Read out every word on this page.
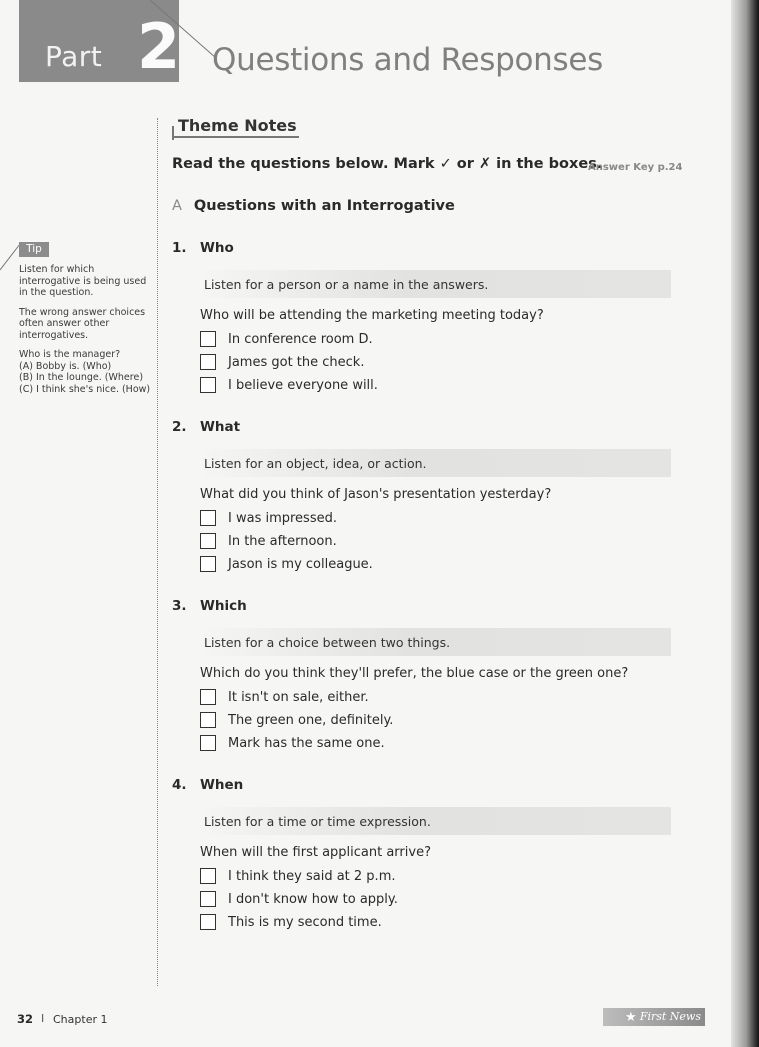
Part 2 Questions and Responses
Theme Notes
Read the questions below. Mark ✓ or ✗ in the boxes.
Answer Key p.24
A Questions with an Interrogative
Tip

Listen for which interrogative is being used in the question.

The wrong answer choices often answer other interrogatives.

Who is the manager?

(A) Bobby is. (Who)

(B) In the lounge. (Where)

(C) I think she's nice. (How)

1. Who
Listen for a person or a name in the answers.
Who will be attending the marketing meeting today?
In conference room D.
James got the check.
I believe everyone will.
2. What
Listen for an object, idea, or action.
What did you think of Jason's presentation yesterday?
I was impressed.
In the afternoon.
Jason is my colleague.
3. Which
Listen for a choice between two things.
Which do you think they'll prefer, the blue case or the green one?
It isn't on sale, either.
The green one, definitely.
Mark has the same one.
4. When
Listen for a time or time expression.
When will the first applicant arrive?
I think they said at 2 p.m.
I don't know how to apply.
This is my second time.
32 I Chapter 1	★ First News
